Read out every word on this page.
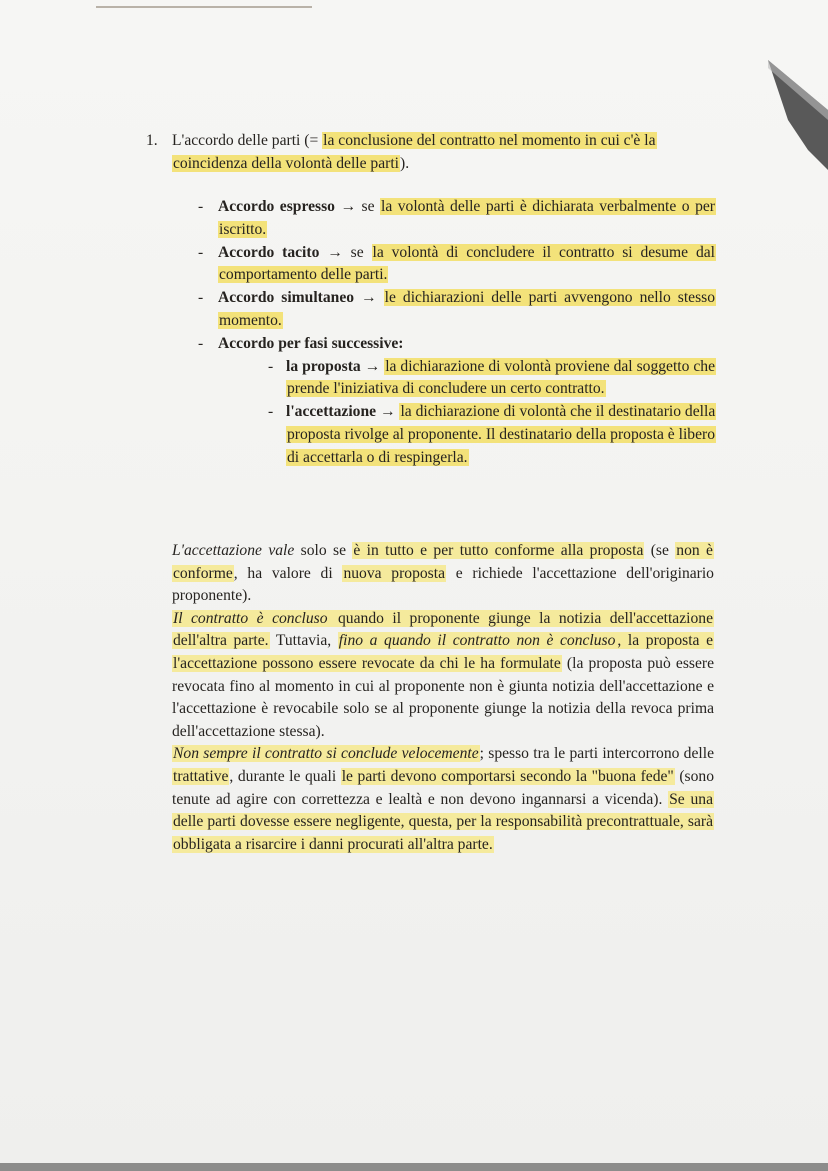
1. L'accordo delle parti (= la conclusione del contratto nel momento in cui c'è la coincidenza della volontà delle parti).
- Accordo espresso → se la volontà delle parti è dichiarata verbalmente o per iscritto.
- Accordo tacito → se la volontà di concludere il contratto si desume dal comportamento delle parti.
- Accordo simultaneo → le dichiarazioni delle parti avvengono nello stesso momento.
- Accordo per fasi successive:
- la proposta → la dichiarazione di volontà proviene dal soggetto che prende l'iniziativa di concludere un certo contratto.
- l'accettazione → la dichiarazione di volontà che il destinatario della proposta rivolge al proponente. Il destinatario della proposta è libero di accettarla o di respingerla.

L'accettazione vale solo se è in tutto e per tutto conforme alla proposta (se non è conforme, ha valore di nuova proposta e richiede l'accettazione dell'originario proponente).

Il contratto è concluso quando il proponente giunge la notizia dell'accettazione dell'altra parte. Tuttavia, fino a quando il contratto non è concluso , la proposta e l'accettazione possono essere revocate da chi le ha formulate (la proposta può essere revocata fino al momento in cui al proponente non è giunta notizia dell'accettazione e l'accettazione è revocabile solo se al proponente giunge la notizia della revoca prima dell'accettazione stessa).

Non sempre il contratto si conclude velocemente; spesso tra le parti intercorrono delle trattative, durante le quali le parti devono comportarsi secondo la "buona fede" (sono tenute ad agire con correttezza e lealtà e non devono ingannarsi a vicenda). Se una delle parti dovesse essere negligente, questa, per la responsabilità precontrattuale, sarà obbligata a risarcire i danni procurati all'altra parte.
